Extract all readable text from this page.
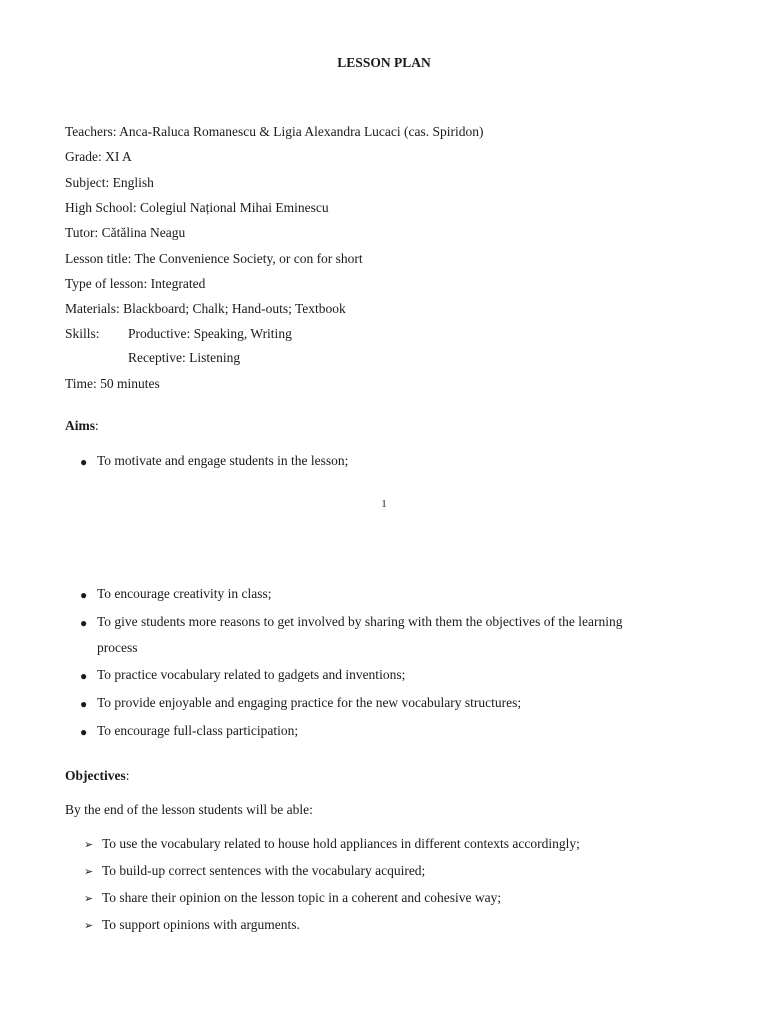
LESSON PLAN
Teachers: Anca-Raluca Romanescu & Ligia Alexandra Lucaci (cas. Spiridon)
Grade: XI A
Subject: English
High School: Colegiul Național Mihai Eminescu
Tutor: Cătălina Neagu
Lesson title: The Convenience Society, or con for short
Type of lesson: Integrated
Materials: Blackboard; Chalk; Hand-outs; Textbook
Skills: Productive: Speaking, Writing
Receptive: Listening
Time: 50 minutes
Aims:
● To motivate and engage students in the lesson;
1
● To encourage creativity in class;
● To give students more reasons to get involved by sharing with them the objectives of the learning
process
● To practice vocabulary related to gadgets and inventions;
● To provide enjoyable and engaging practice for the new vocabulary structures;
● To encourage full-class participation;
Objectives:
By the end of the lesson students will be able:
➢ To use the vocabulary related to house hold appliances in different contexts accordingly;
➢ To build-up correct sentences with the vocabulary acquired;
➢ To share their opinion on the lesson topic in a coherent and cohesive way;
➢ To support opinions with arguments.
